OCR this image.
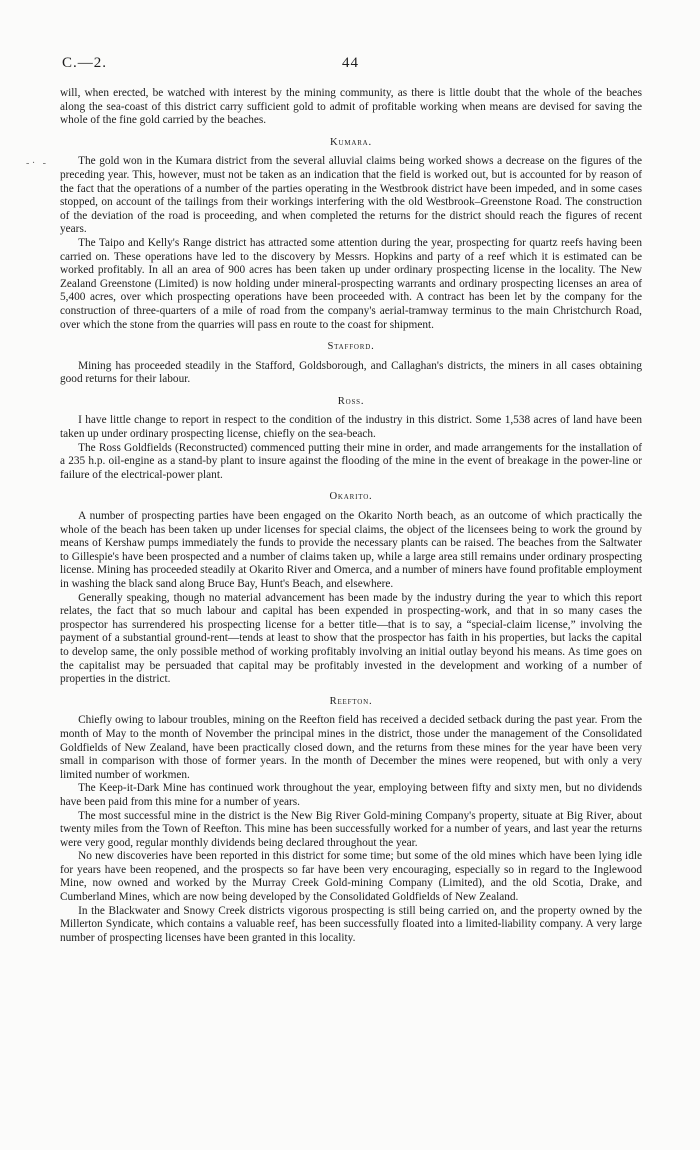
C.—2.	44
- ·   -

will, when erected, be watched with interest by the mining community, as there is little doubt that the whole of the beaches along the sea-coast of this district carry sufficient gold to admit of profitable working when means are devised for saving the whole of the fine gold carried by the beaches.

Kumara.

The gold won in the Kumara district from the several alluvial claims being worked shows a decrease on the figures of the preceding year. This, however, must not be taken as an indication that the field is worked out, but is accounted for by reason of the fact that the operations of a number of the parties operating in the Westbrook district have been impeded, and in some cases stopped, on account of the tailings from their workings interfering with the old Westbrook–Greenstone Road. The construction of the deviation of the road is proceeding, and when completed the returns for the district should reach the figures of recent years.

The Taipo and Kelly's Range district has attracted some attention during the year, prospecting for quartz reefs having been carried on. These operations have led to the discovery by Messrs. Hopkins and party of a reef which it is estimated can be worked profitably. In all an area of 900 acres has been taken up under ordinary prospecting license in the locality. The New Zealand Greenstone (Limited) is now holding under mineral-prospecting warrants and ordinary prospecting licenses an area of 5,400 acres, over which prospecting operations have been proceeded with. A contract has been let by the company for the construction of three-quarters of a mile of road from the company's aerial-tramway terminus to the main Christchurch Road, over which the stone from the quarries will pass en route to the coast for shipment.

Stafford.

Mining has proceeded steadily in the Stafford, Goldsborough, and Callaghan's districts, the miners in all cases obtaining good returns for their labour.

Ross.

I have little change to report in respect to the condition of the industry in this district. Some 1,538 acres of land have been taken up under ordinary prospecting license, chiefly on the sea-beach.

The Ross Goldfields (Reconstructed) commenced putting their mine in order, and made arrangements for the installation of a 235 h.p. oil-engine as a stand-by plant to insure against the flooding of the mine in the event of breakage in the power-line or failure of the electrical-power plant.

Okarito.

A number of prospecting parties have been engaged on the Okarito North beach, as an outcome of which practically the whole of the beach has been taken up under licenses for special claims, the object of the licensees being to work the ground by means of Kershaw pumps immediately the funds to provide the necessary plants can be raised. The beaches from the Saltwater to Gillespie's have been prospected and a number of claims taken up, while a large area still remains under ordinary prospecting license. Mining has proceeded steadily at Okarito River and Omerca, and a number of miners have found profitable employment in washing the black sand along Bruce Bay, Hunt's Beach, and elsewhere.

Generally speaking, though no material advancement has been made by the industry during the year to which this report relates, the fact that so much labour and capital has been expended in prospecting-work, and that in so many cases the prospector has surrendered his prospecting license for a better title—that is to say, a “special-claim license,” involving the payment of a substantial ground-rent—tends at least to show that the prospector has faith in his properties, but lacks the capital to develop same, the only possible method of working profitably involving an initial outlay beyond his means. As time goes on the capitalist may be persuaded that capital may be profitably invested in the development and working of a number of properties in the district.

Reefton.

Chiefly owing to labour troubles, mining on the Reefton field has received a decided setback during the past year. From the month of May to the month of November the principal mines in the district, those under the management of the Consolidated Goldfields of New Zealand, have been practically closed down, and the returns from these mines for the year have been very small in comparison with those of former years. In the month of December the mines were reopened, but with only a very limited number of workmen.

The Keep-it-Dark Mine has continued work throughout the year, employing between fifty and sixty men, but no dividends have been paid from this mine for a number of years.

The most successful mine in the district is the New Big River Gold-mining Company's property, situate at Big River, about twenty miles from the Town of Reefton. This mine has been successfully worked for a number of years, and last year the returns were very good, regular monthly dividends being declared throughout the year.

No new discoveries have been reported in this district for some time; but some of the old mines which have been lying idle for years have been reopened, and the prospects so far have been very encouraging, especially so in regard to the Inglewood Mine, now owned and worked by the Murray Creek Gold-mining Company (Limited), and the old Scotia, Drake, and Cumberland Mines, which are now being developed by the Consolidated Goldfields of New Zealand.

In the Blackwater and Snowy Creek districts vigorous prospecting is still being carried on, and the property owned by the Millerton Syndicate, which contains a valuable reef, has been successfully floated into a limited-liability company. A very large number of prospecting licenses have been granted in this locality.
